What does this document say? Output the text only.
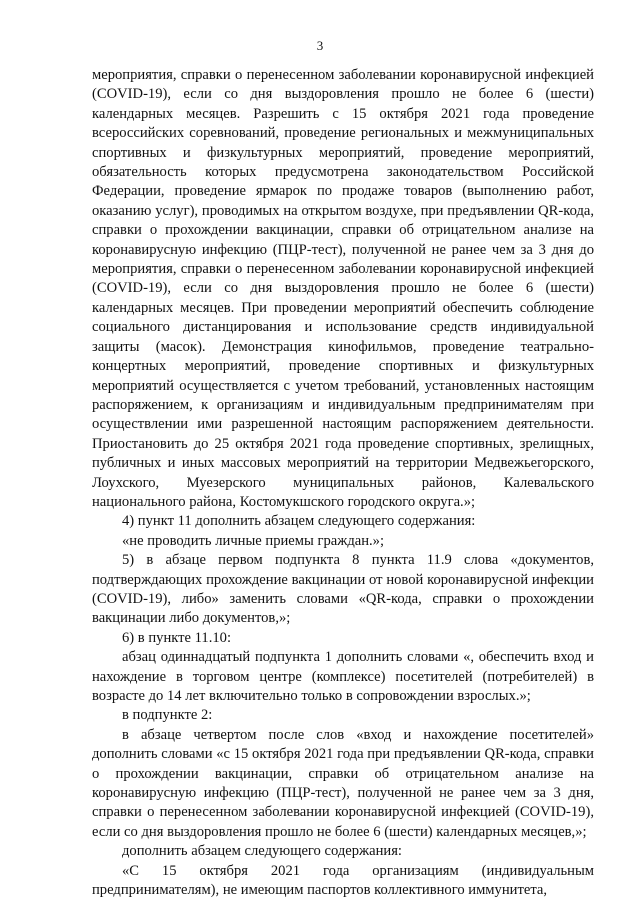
3

мероприятия, справки о перенесенном заболевании коронавирусной инфекцией (COVID-19), если со дня выздоровления прошло не более 6 (шести) календарных месяцев. Разрешить с 15 октября 2021 года проведение всероссийских соревнований, проведение региональных и межмуниципальных спортивных и физкультурных мероприятий, проведение мероприятий, обязательность которых предусмотрена законодательством Российской Федерации, проведение ярмарок по продаже товаров (выполнению работ, оказанию услуг), проводимых на открытом воздухе, при предъявлении QR-кода, справки о прохождении вакцинации, справки об отрицательном анализе на коронавирусную инфекцию (ПЦР-тест), полученной не ранее чем за 3 дня до мероприятия, справки о перенесенном заболевании коронавирусной инфекцией (COVID-19), если со дня выздоровления прошло не более 6 (шести) календарных месяцев. При проведении мероприятий обеспечить соблюдение социального дистанцирования и использование средств индивидуальной защиты (масок). Демонстрация кинофильмов, проведение театрально-концертных мероприятий, проведение спортивных и физкультурных мероприятий осуществляется с учетом требований, установленных настоящим распоряжением, к организациям и индивидуальным предпринимателям при осуществлении ими разрешенной настоящим распоряжением деятельности. Приостановить до 25 октября 2021 года проведение спортивных, зрелищных, публичных и иных массовых мероприятий на территории Медвежьегорского, Лоухского, Муезерского муниципальных районов, Калевальского национального района, Костомукшского городского округа.»;

4) пункт 11 дополнить абзацем следующего содержания:

«не проводить личные приемы граждан.»;

5) в абзаце первом подпункта 8 пункта 11.9 слова «документов, подтверждающих прохождение вакцинации от новой коронавирусной инфекции (COVID-19), либо» заменить словами «QR-кода, справки о прохождении вакцинации либо документов,»;

6) в пункте 11.10:

абзац одиннадцатый подпункта 1 дополнить словами «, обеспечить вход и нахождение в торговом центре (комплексе) посетителей (потребителей) в возрасте до 14 лет включительно только в сопровождении взрослых.»;

в подпункте 2:

в абзаце четвертом после слов «вход и нахождение посетителей» дополнить словами «с 15 октября 2021 года при предъявлении QR-кода, справки о прохождении вакцинации, справки об отрицательном анализе на коронавирусную инфекцию (ПЦР-тест), полученной не ранее чем за 3 дня, справки о перенесенном заболевании коронавирусной инфекцией (COVID-19), если со дня выздоровления прошло не более 6 (шести) календарных месяцев,»;

дополнить абзацем следующего содержания:

«С 15 октября 2021 года организациям (индивидуальным предпринимателям), не имеющим паспортов коллективного иммунитета,
